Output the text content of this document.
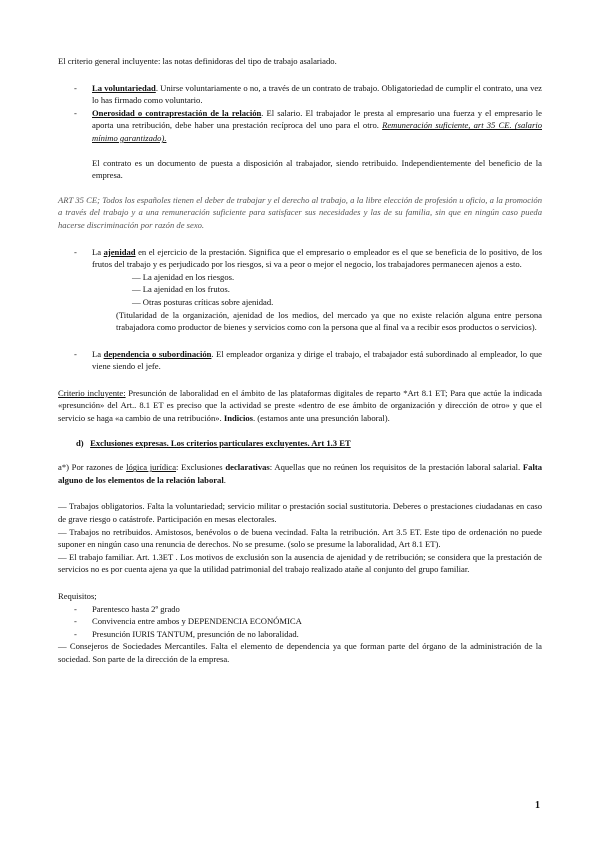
El criterio general incluyente: las notas definidoras del tipo de trabajo asalariado.

- La voluntariedad. Unirse voluntariamente o no, a través de un contrato de trabajo. Obligatoriedad de cumplir el contrato, una vez lo has firmado como voluntario.
- Onerosidad o contraprestación de la relación. El salario. El trabajador le presta al empresario una fuerza y el empresario le aporta una retribución, debe haber una prestación recíproca del uno para el otro. Remuneración suficiente, art 35 CE. (salario mínimo garantizado).

El contrato es un documento de puesta a disposición al trabajador, siendo retribuido. Independientemente del beneficio de la empresa.

ART 35 CE; Todos los españoles tienen el deber de trabajar y el derecho al trabajo, a la libre elección de profesión u oficio, a la promoción a través del trabajo y a una remuneración suficiente para satisfacer sus necesidades y las de su familia, sin que en ningún caso pueda hacerse discriminación por razón de sexo.

- La ajenidad en el ejercicio de la prestación. Significa que el empresario o empleador es el que se beneficia de lo positivo, de los frutos del trabajo y es perjudicado por los riesgos, si va a peor o mejor el negocio, los trabajadores permanecen ajenos a esto.

— La ajenidad en los riesgos.

— La ajenidad en los frutos.

— Otras posturas críticas sobre ajenidad.

(Titularidad de la organización, ajenidad de los medios, del mercado ya que no existe relación alguna entre persona trabajadora como productor de bienes y servicios como con la persona que al final va a recibir esos productos o servicios).

- La dependencia o subordinación. El empleador organiza y dirige el trabajo, el trabajador está subordinado al empleador, lo que viene siendo el jefe.

Criterio incluyente: Presunción de laboralidad en el ámbito de las plataformas digitales de reparto *Art 8.1 ET; Para que actúe la indicada «presunción» del Art.. 8.1 ET es preciso que la actividad se preste «dentro de ese ámbito de organización y dirección de otro» y que el servicio se haga «a cambio de una retribución». Indicios. (estamos ante una presunción laboral).

d) Exclusiones expresas. Los criterios particulares excluyentes. Art 1.3 ET

a*) Por razones de lógica jurídica: Exclusiones declarativas: Aquellas que no reúnen los requisitos de la prestación laboral salarial. Falta alguno de los elementos de la relación laboral.

— Trabajos obligatorios. Falta la voluntariedad; servicio militar o prestación social sustitutoria. Deberes o prestaciones ciudadanas en caso de grave riesgo o catástrofe. Participación en mesas electorales.

— Trabajos no retribuidos. Amistosos, benévolos o de buena vecindad. Falta la retribución. Art 3.5 ET. Este tipo de ordenación no puede suponer en ningún caso una renuncia de derechos. No se presume. (solo se presume la laboralidad, Art 8.1 ET).

— El trabajo familiar. Art. 1.3ET . Los motivos de exclusión son la ausencia de ajenidad y de retribución; se considera que la prestación de servicios no es por cuenta ajena ya que la utilidad patrimonial del trabajo realizado atañe al conjunto del grupo familiar.

Requisitos;

- Parentesco hasta 2º grado
- Convivencia entre ambos y DEPENDENCIA ECONÓMICA
- Presunción IURIS TANTUM, presunción de no laboralidad.

— Consejeros de Sociedades Mercantiles. Falta el elemento de dependencia ya que forman parte del órgano de la administración de la sociedad. Son parte de la dirección de la empresa.

1
